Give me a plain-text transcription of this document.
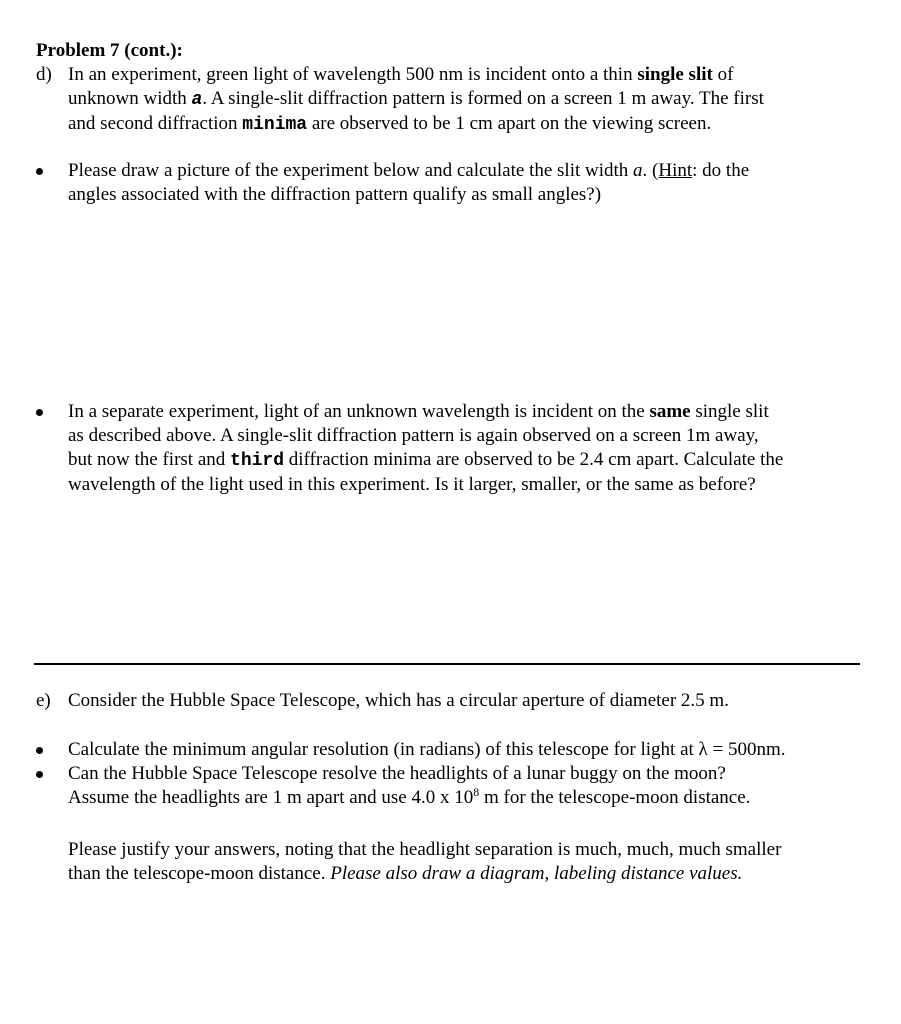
Problem 7 (cont.):
d) In an experiment, green light of wavelength 500 nm is incident onto a thin single slit of
unknown width a. A single-slit diffraction pattern is formed on a screen 1 m away. The first
and second diffraction minima are observed to be 1 cm apart on the viewing screen.
Please draw a picture of the experiment below and calculate the slit width a. (Hint: do the
angles associated with the diffraction pattern qualify as small angles?)
In a separate experiment, light of an unknown wavelength is incident on the same single slit
as described above. A single-slit diffraction pattern is again observed on a screen 1m away,
but now the first and third diffraction minima are observed to be 2.4 cm apart. Calculate the
wavelength of the light used in this experiment. Is it larger, smaller, or the same as before?
e) Consider the Hubble Space Telescope, which has a circular aperture of diameter 2.5 m.
Calculate the minimum angular resolution (in radians) of this telescope for light at λ = 500nm.
Can the Hubble Space Telescope resolve the headlights of a lunar buggy on the moon?
Assume the headlights are 1 m apart and use 4.0 x $10^8$ m for the telescope-moon distance.
Please justify your answers, noting that the headlight separation is much, much, much smaller
than the telescope-moon distance. Please also draw a diagram, labeling distance values.
